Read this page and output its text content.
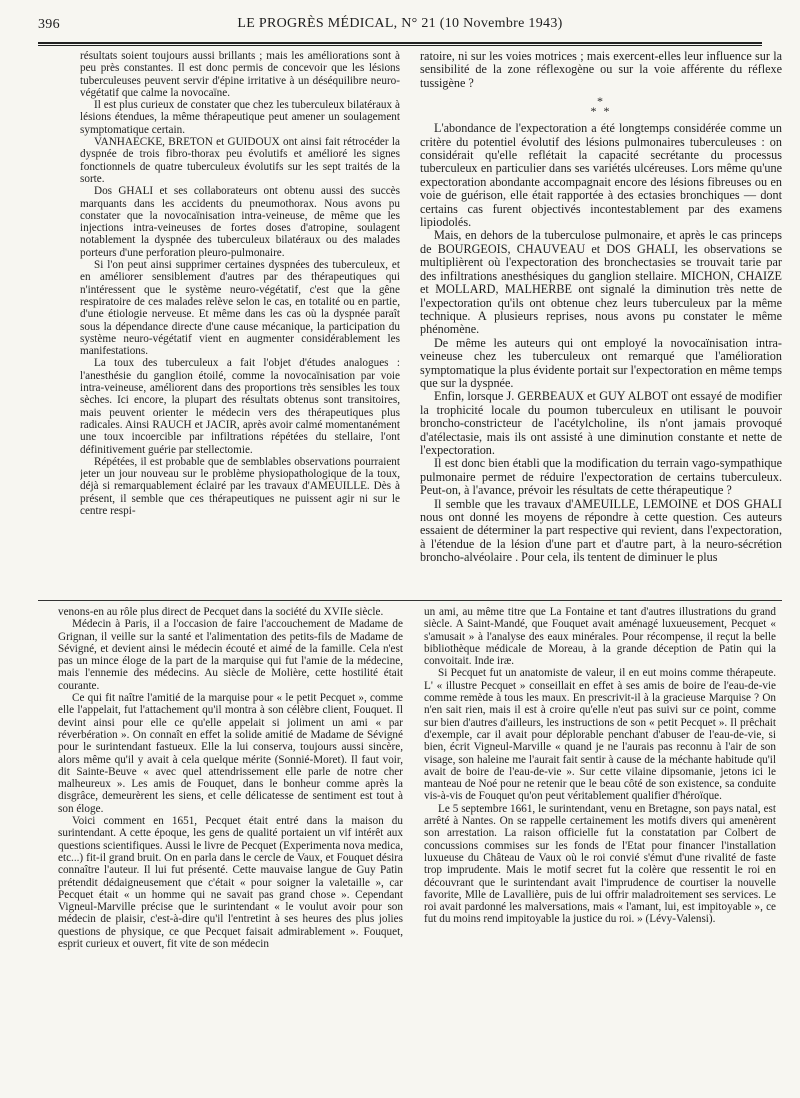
396	LE PROGRÈS MÉDICAL, N° 21 (10 Novembre 1943)

résultats soient toujours aussi brillants ; mais les améliorations sont à peu près constantes. Il est donc permis de concevoir que les lésions tuberculeuses peuvent servir d'épine irritative à un déséquilibre neuro-végétatif que calme la novocaïne.

Il est plus curieux de constater que chez les tuberculeux bilatéraux à lésions étendues, la même thérapeutique peut amener un soulagement symptomatique certain.

VANHAECKE, BRETON et GUIDOUX ont ainsi fait rétrocéder la dyspnée de trois fibro-thorax peu évolutifs et amélioré les signes fonctionnels de quatre tuberculeux évolutifs sur les sept traités de la sorte.

Dos GHALI et ses collaborateurs ont obtenu aussi des succès marquants dans les accidents du pneumothorax. Nous avons pu constater que la novocaïnisation intra-veineuse, de même que les injections intra-veineuses de fortes doses d'atropine, soulagent notablement la dyspnée des tuberculeux bilatéraux ou des malades porteurs d'une perforation pleuro-pulmonaire.

Si l'on peut ainsi supprimer certaines dyspnées des tuberculeux, et en améliorer sensiblement d'autres par des thérapeutiques qui n'intéressent que le système neuro-végétatif, c'est que la gêne respiratoire de ces malades relève selon le cas, en totalité ou en partie, d'une étiologie nerveuse. Et même dans les cas où la dyspnée paraît sous la dépendance directe d'une cause mécanique, la participation du système neuro-végétatif vient en augmenter considérablement les manifestations.

La toux des tuberculeux a fait l'objet d'études analogues : l'anesthésie du ganglion étoilé, comme la novocaïnisation par voie intra-veineuse, améliorent dans des proportions très sensibles les toux sèches. Ici encore, la plupart des résultats obtenus sont transitoires, mais peuvent orienter le médecin vers des thérapeutiques plus radicales. Ainsi RAUCH et JACIR, après avoir calmé momentanément une toux incoercible par infiltrations répétées du stellaire, l'ont définitivement guérie par stellectomie.

Répétées, il est probable que de semblables observations pourraient jeter un jour nouveau sur le problème physiopathologique de la toux, déjà si remarquablement éclairé par les travaux d'AMEUILLE. Dès à présent, il semble que ces thérapeutiques ne puissent agir ni sur le centre respi-

ratoire, ni sur les voies motrices ; mais exercent-elles leur influence sur la sensibilité de la zone réflexogène ou sur la voie afférente du réflexe tussigène ?

*
* *

L'abondance de l'expectoration a été longtemps considérée comme un critère du potentiel évolutif des lésions pulmonaires tuberculeuses : on considérait qu'elle reflétait la capacité secrétante du processus tuberculeux en particulier dans ses variétés ulcéreuses. Lors même qu'une expectoration abondante accompagnait encore des lésions fibreuses ou en voie de guérison, elle était rapportée à des ectasies bronchiques — dont certains cas furent objectivés incontestablement par des examens lipiodolés.

Mais, en dehors de la tuberculose pulmonaire, et après le cas princeps de BOURGEOIS, CHAUVEAU et DOS GHALI, les observations se multiplièrent où l'expectoration des bronchectasies se trouvait tarie par des infiltrations anesthésiques du ganglion stellaire. MICHON, CHAIZE et MOLLARD, MALHERBE ont signalé la diminution très nette de l'expectoration qu'ils ont obtenue chez leurs tuberculeux par la même technique. A plusieurs reprises, nous avons pu constater le même phénomène.

De même les auteurs qui ont employé la novocaïnisation intra-veineuse chez les tuberculeux ont remarqué que l'amélioration symptomatique la plus évidente portait sur l'expectoration en même temps que sur la dyspnée.

Enfin, lorsque J. GERBEAUX et GUY ALBOT ont essayé de modifier la trophicité locale du poumon tuberculeux en utilisant le pouvoir broncho-constricteur de l'acétylcholine, ils n'ont jamais provoqué d'atélectasie, mais ils ont assisté à une diminution constante et nette de l'expectoration.

Il est donc bien établi que la modification du terrain vago-sympathique pulmonaire permet de réduire l'expectoration de certains tuberculeux. Peut-on, à l'avance, prévoir les résultats de cette thérapeutique ?

Il semble que les travaux d'AMEUILLE, LEMOINE et DOS GHALI nous ont donné les moyens de répondre à cette question. Ces auteurs essaient de déterminer la part respective qui revient, dans l'expectoration, à l'étendue de la lésion d'une part et d'autre part, à la neuro-sécrétion broncho-alvéolaire . Pour cela, ils tentent de diminuer le plus

venons-en au rôle plus direct de Pecquet dans la société du XVIIe siècle.

Médecin à Paris, il a l'occasion de faire l'accouchement de Madame de Grignan, il veille sur la santé et l'alimentation des petits-fils de Madame de Sévigné, et devient ainsi le médecin écouté et aimé de la famille. Cela n'est pas un mince éloge de la part de la marquise qui fut l'amie de la médecine, mais l'ennemie des médecins. Au siècle de Molière, cette hostilité était courante.

Ce qui fit naître l'amitié de la marquise pour « le petit Pecquet », comme elle l'appelait, fut l'attachement qu'il montra à son célèbre client, Fouquet. Il devint ainsi pour elle ce qu'elle appelait si joliment un ami « par réverbération ». On connaît en effet la solide amitié de Madame de Sévigné pour le surintendant fastueux. Elle la lui conserva, toujours aussi sincère, alors même qu'il y avait à cela quelque mérite (Sonnié-Moret). Il faut voir, dit Sainte-Beuve « avec quel attendrissement elle parle de notre cher malheureux ». Les amis de Fouquet, dans le bonheur comme après la disgrâce, demeurèrent les siens, et celle délicatesse de sentiment est tout à son éloge.

Voici comment en 1651, Pecquet était entré dans la maison du surintendant. A cette époque, les gens de qualité portaient un vif intérêt aux questions scientifiques. Aussi le livre de Pecquet (Experimenta nova medica, etc...) fit-il grand bruit. On en parla dans le cercle de Vaux, et Fouquet désira connaître l'auteur. Il lui fut présenté. Cette mauvaise langue de Guy Patin prétendit dédaigneusement que c'était « pour soigner la valetaille », car Pecquet était « un homme qui ne savait pas grand chose ». Cependant Vigneul-Marville précise que le surintendant « le voulut avoir pour son médecin de plaisir, c'est-à-dire qu'il l'entretint à ses heures des plus jolies questions de physique, ce que Pecquet faisait admirablement ». Fouquet, esprit curieux et ouvert, fit vite de son médecin

un ami, au même titre que La Fontaine et tant d'autres illustrations du grand siècle. A Saint-Mandé, que Fouquet avait aménagé luxueusement, Pecquet « s'amusait » à l'analyse des eaux minérales. Pour récompense, il reçut la belle bibliothèque médicale de Moreau, à la grande déception de Patin qui la convoitait. Inde iræ.

Si Pecquet fut un anatomiste de valeur, il en eut moins comme thérapeute. L' « illustre Pecquet » conseillait en effet à ses amis de boire de l'eau-de-vie comme remède à tous les maux. En prescrivit-il à la gracieuse Marquise ? On n'en sait rien, mais il est à croire qu'elle n'eut pas suivi sur ce point, comme sur bien d'autres d'ailleurs, les instructions de son « petit Pecquet ». Il prêchait d'exemple, car il avait pour déplorable penchant d'abuser de l'eau-de-vie, si bien, écrit Vigneul-Marville « quand je ne l'aurais pas reconnu à l'air de son visage, son haleine me l'aurait fait sentir à cause de la méchante habitude qu'il avait de boire de l'eau-de-vie ». Sur cette vilaine dipsomanie, jetons ici le manteau de Noé pour ne retenir que le beau côté de son existence, sa conduite vis-à-vis de Fouquet qu'on peut véritablement qualifier d'héroïque.

Le 5 septembre 1661, le surintendant, venu en Bretagne, son pays natal, est arrêté à Nantes. On se rappelle certainement les motifs divers qui amenèrent son arrestation. La raison officielle fut la constatation par Colbert de concussions commises sur les fonds de l'Etat pour financer l'installation luxueuse du Château de Vaux où le roi convié s'émut d'une rivalité de faste trop imprudente. Mais le motif secret fut la colère que ressentit le roi en découvrant que le surintendant avait l'imprudence de courtiser la nouvelle favorite, Mlle de Lavallière, puis de lui offrir maladroitement ses services. Le roi avait pardonné les malversations, mais « l'amant, lui, est impitoyable », ce fut du moins rend impitoyable la justice du roi. » (Lévy-Valensi).
